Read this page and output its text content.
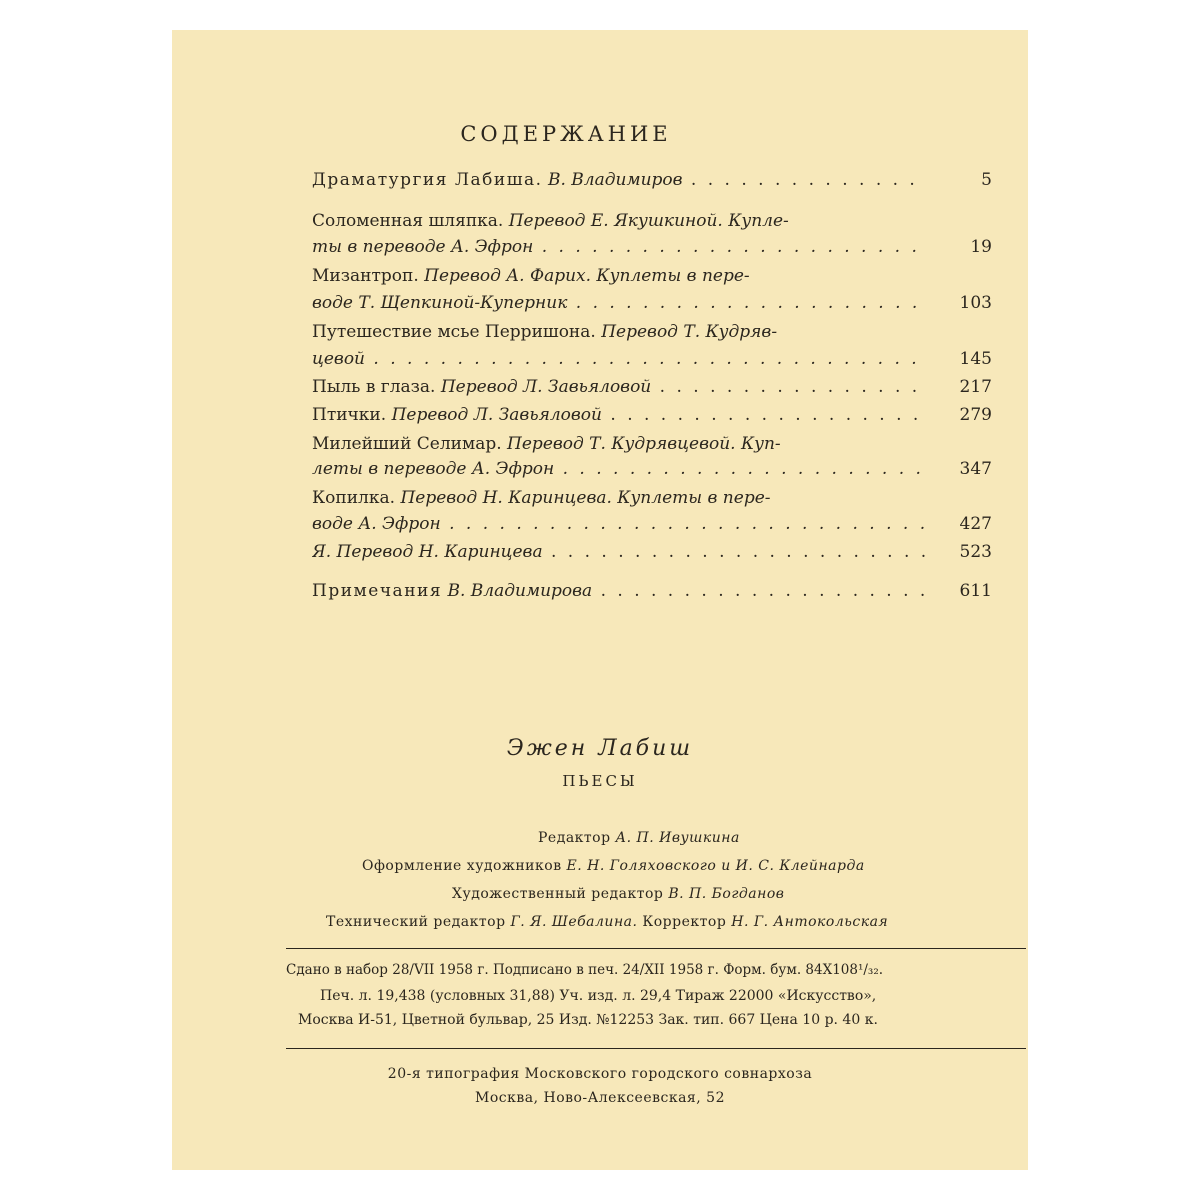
СОДЕРЖАНИЕ
Драматургия Лабиша. В. Владимиров . . .	5
Соломенная шляпка. Перевод Е. Якушкиной. Купле-
ты в переводе А. Эфрон . . .	19
Мизантроп. Перевод А. Фарих. Куплеты в пере-
воде Т. Щепкиной-Куперник . . .	103
Путешествие мсье Перришона. Перевод Т. Кудряв-
цевой . . .	145
Пыль в глаза. Перевод Л. Завьяловой . . .	217
Птички. Перевод Л. Завьяловой . . .	279
Милейший Селимар. Перевод Т. Кудрявцевой. Куп-
леты в переводе А. Эфрон . . .	347
Копилка. Перевод Н. Каринцева. Куплеты в пере-
воде А. Эфрон . . .	427
Я. Перевод Н. Каринцева . . .	523
Примечания В. Владимирова . . .	611
Эжен Лабиш
ПЬЕСЫ
Редактор А. П. Ивушкина
Оформление художников Е. Н. Голяховского и И. С. Клейнарда
Художественный редактор В. П. Богданов
Технический редактор Г. Я. Шебалина. Корректор Н. Г. Антокольская
Сдано в набор 28/VII 1958 г. Подписано в печ. 24/XII 1958 г. Форм. бум. 84Х108¹/₃₂.
Печ. л. 19,438 (условных 31,88) Уч. изд. л. 29,4 Тираж 22000 «Искусство»,
Москва И-51, Цветной бульвар, 25 Изд. №12253 Зак. тип. 667 Цена 10 р. 40 к.
20-я типография Московского городского совнархоза
Москва, Ново-Алексеевская, 52
